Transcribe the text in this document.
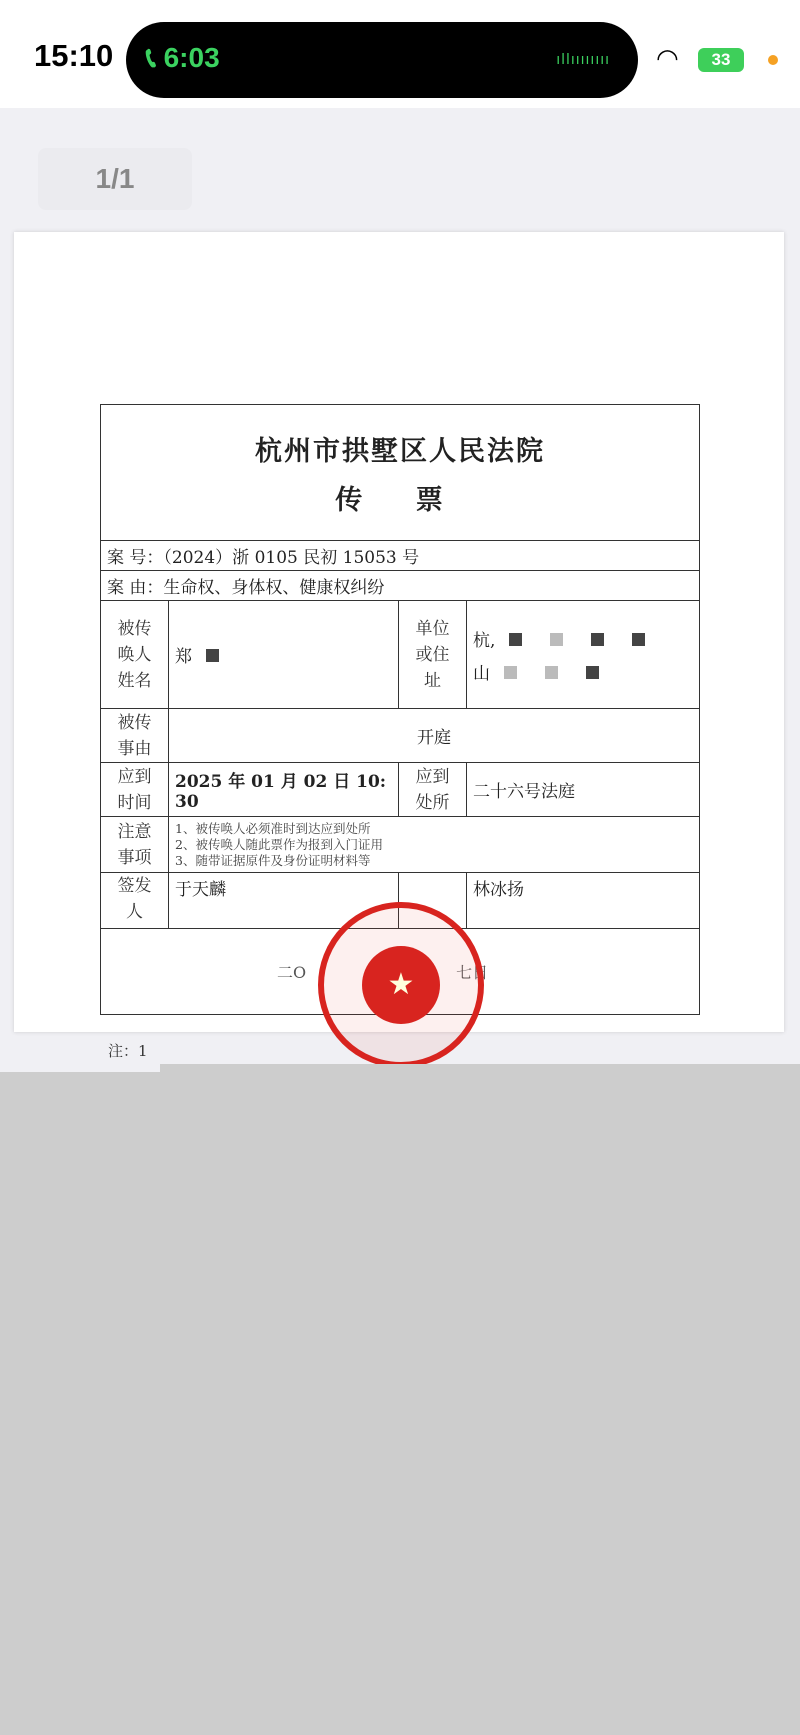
15:10 📞︎ 6:03	ıllıııııııı ◠	33
1/1
杭州市拱墅区人民法院
传 票			

案 号：（2024）浙 0105 民初 15053 号			
案 由：生命权、身体权、健康权纠纷			
被传唤人姓名	郑	单位或住址	杭,
山

被传事由	开庭		
应到时间	2025 年 01 月 02 日 10: 30	应到处所	二十六号法庭
注意事项	1、被传唤人必须准时到达应到处所
2、被传唤人随此票作为报到入门证用
3、随带证据原件及身份证明材料等		

签发人	于天麟		林冰扬
二O 七日			
★
注：1
